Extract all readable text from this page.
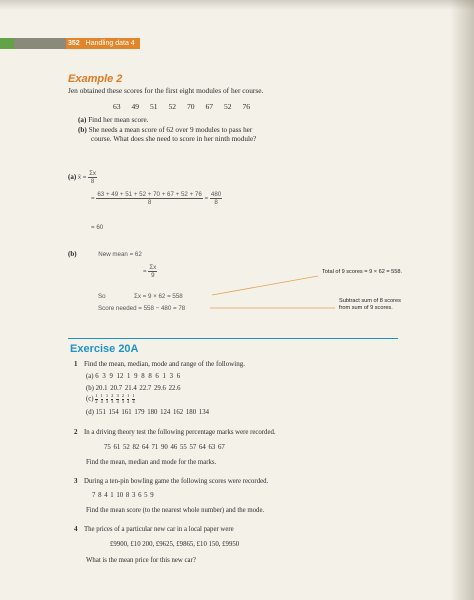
352 Handling data 4
Example 2
Jen obtained these scores for the first eight modules of her course.
63 49 51 52 70 67 52 76
(a) Find her mean score.
(b) She needs a mean score of 62 over 9 modules to pass her
course. What does she need to score in her ninth module?
(a) x̄ = $\frac{\Sigma x}{8}$
= $\frac{63 + 49 + 51 + 52 + 70 + 67 + 52 + 76}{8} = \frac{480}{8}$
= 60
(b)	New mean = 62
= $\frac{\Sigma x}{9}$
So	Σx = 9 × 62 = 558
Score needed = 558 − 480 = 78
Total of 9 scores = 9 × 62 = 558.
Subtract sum of 8 scores
from sum of 9 scores.
Exercise 20A
1 Find the mean, median, mode and range of the following.
(a) 6 3 9 12 1 9 8 8 6 1 3 6
(b) 20.1 20.7 21.4 22.7 29.6 22.6
$(c) \frac{1}{2} \frac{1}{4} \frac{1}{3} \frac{2}{3} \frac{3}{4} \frac{2}{3} \frac{1}{4} \frac{1}{4}$
(d) 151 154 161 179 180 124 162 180 134
2 In a driving theory test the following percentage marks were recorded.
75 61 52 82 64 71 90 46 55 57 64 63 67
Find the mean, median and mode for the marks.
3 During a ten-pin bowling game the following scores were recorded.
7 8 4 1 10 8 3 6 5 9
Find the mean score (to the nearest whole number) and the mode.
4 The prices of a particular new car in a local paper were
£9900, £10 200, £9625, £9865, £10 150, £9950
What is the mean price for this new car?
